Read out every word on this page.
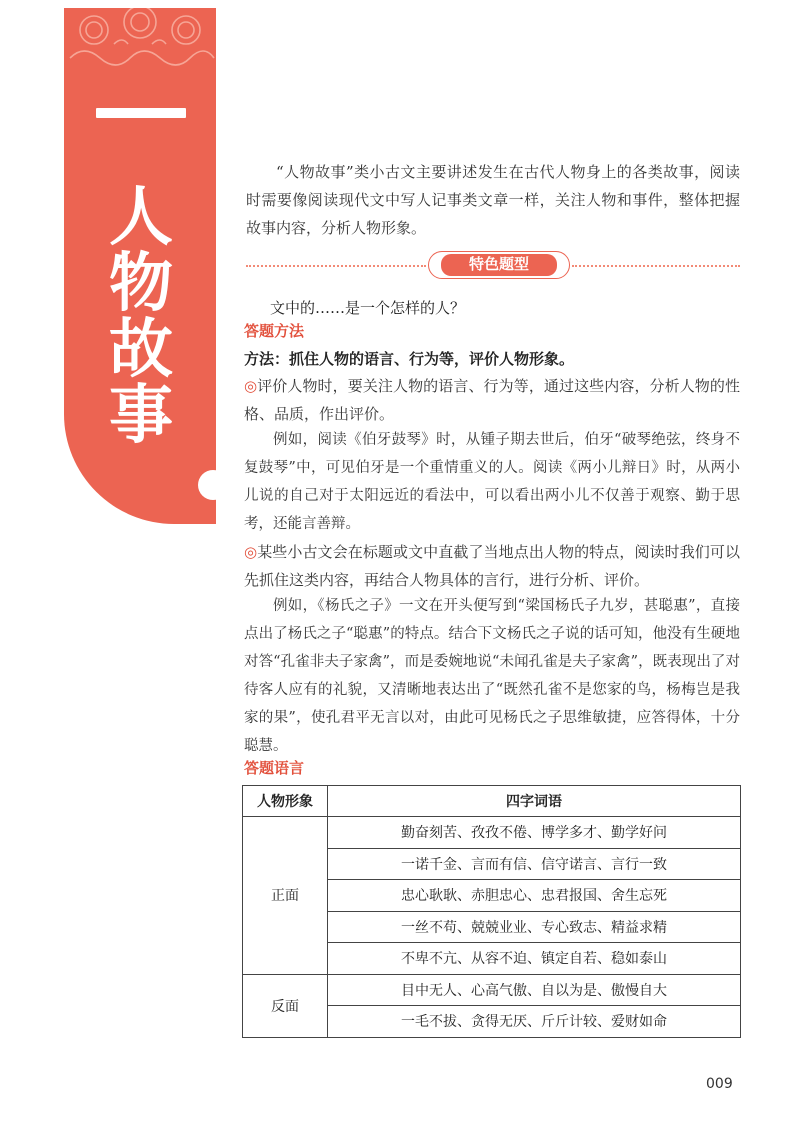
人
物
故
事

“人物故事”类小古文主要讲述发生在古代人物身上的各类故事，阅读时需要像阅读现代文中写人记事类文章一样，关注人物和事件，整体把握故事内容，分析人物形象。

特色题型
文中的……是一个怎样的人？
答题方法
方法：抓住人物的语言、行为等，评价人物形象。

◎评价人物时，要关注人物的语言、行为等，通过这些内容，分析人物的性格、品质，作出评价。

例如，阅读《伯牙鼓琴》时，从锺子期去世后，伯牙“破琴绝弦，终身不复鼓琴”中，可见伯牙是一个重情重义的人。阅读《两小儿辩日》时，从两小儿说的自己对于太阳远近的看法中，可以看出两小儿不仅善于观察、勤于思考，还能言善辩。

◎某些小古文会在标题或文中直截了当地点出人物的特点，阅读时我们可以先抓住这类内容，再结合人物具体的言行，进行分析、评价。

例如，《杨氏之子》一文在开头便写到“梁国杨氏子九岁，甚聪惠”，直接点出了杨氏之子“聪惠”的特点。结合下文杨氏之子说的话可知，他没有生硬地对答“孔雀非夫子家禽”，而是委婉地说“未闻孔雀是夫子家禽”，既表现出了对待客人应有的礼貌，又清晰地表达出了“既然孔雀不是您家的鸟，杨梅岂是我家的果”，使孔君平无言以对，由此可见杨氏之子思维敏捷，应答得体，十分聪慧。

答题语言
人物形象	四字词语
正面	勤奋刻苦、孜孜不倦、博学多才、勤学好问
	一诺千金、言而有信、信守诺言、言行一致
	忠心耿耿、赤胆忠心、忠君报国、舍生忘死
	一丝不苟、兢兢业业、专心致志、精益求精
	不卑不亢、从容不迫、镇定自若、稳如泰山
反面	目中无人、心高气傲、自以为是、傲慢自大
	一毛不拔、贪得无厌、斤斤计较、爱财如命
009
